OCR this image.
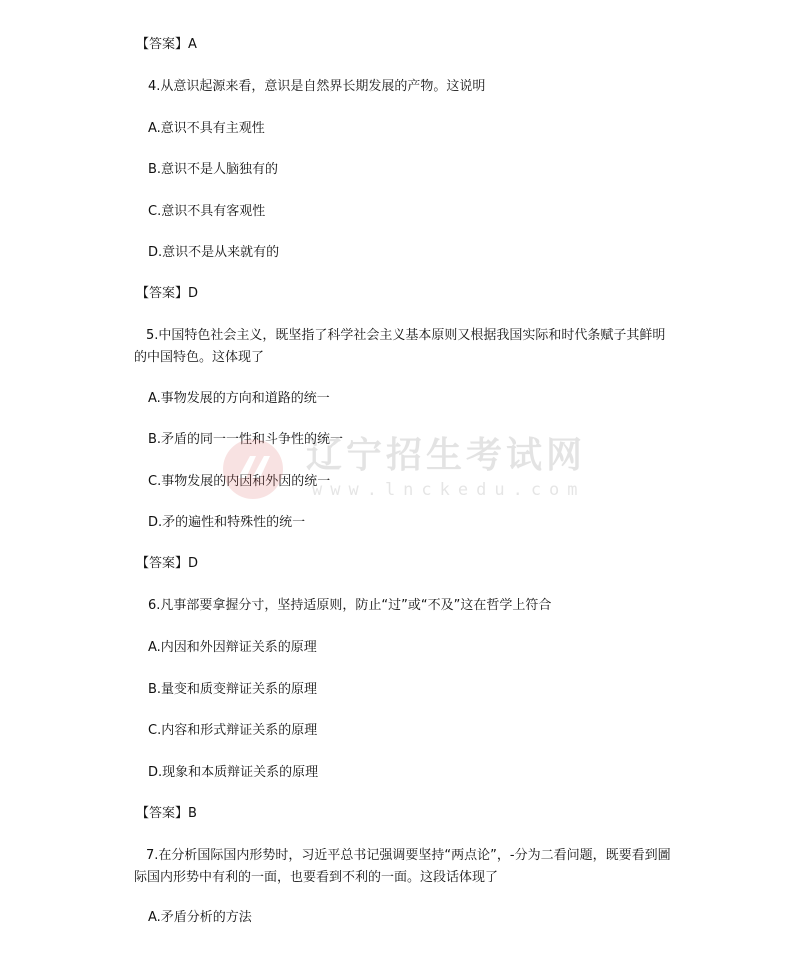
【答案】A
4.从意识起源来看，意识是自然界长期发展的产物。这说明
A.意识不具有主观性
B.意识不是人脑独有的
C.意识不具有客观性
D.意识不是从来就有的
【答案】D
5.中国特色社会主义，既坚指了科学社会主义基本原则又根据我国实际和时代条赋子其鲜明的中国特色。这体现了
A.事物发展的方向和道路的统一
B.矛盾的同一一性和斗争性的统一
C.事物发展的内因和外因的统一
D.矛的遍性和特殊性的统一
【答案】D
6.凡事部要拿握分寸，坚持适原则，防止“过”或“不及”这在哲学上符合
A.内因和外因辩证关系的原理
B.量变和质变辩证关系的原理
C.内容和形式辩证关系的原理
D.现象和本质辩证关系的原理
【答案】B
7.在分析国际国内形势时，习近平总书记强调要坚持“两点论”，-分为二看问题，既要看到圖际国内形势中有利的一面，也要看到不利的一面。这段话体现了
A.矛盾分析的方法
辽宁招生考试网
www.lnckedu.com
